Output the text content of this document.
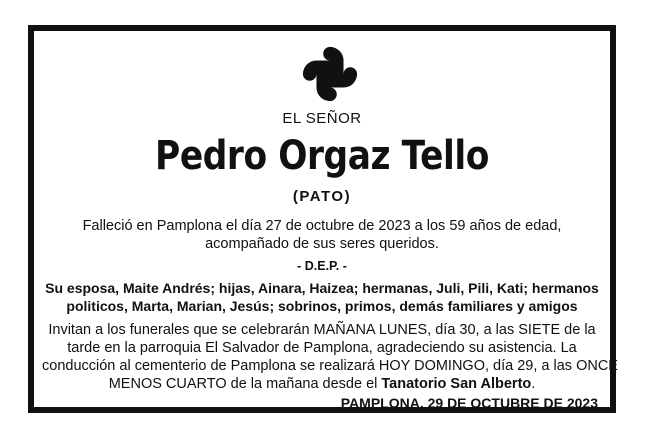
EL SEÑOR
Pedro Orgaz Tello
(PATO)
Falleció en Pamplona el día 27 de octubre de 2023 a los 59 años de edad,
acompañado de sus seres queridos.
- D.E.P. -
Su esposa, Maite Andrés; hijas, Ainara, Haizea; hermanas, Juli, Pili, Kati; hermanos
politicos, Marta, Marian, Jesús; sobrinos, primos, demás familiares y amigos
Invitan a los funerales que se celebrarán MAÑANA LUNES, día 30, a las SIETE de la
tarde en la parroquia El Salvador de Pamplona, agradeciendo su asistencia. La
conducción al cementerio de Pamplona se realizará HOY DOMINGO, día 29, a las ONCE
MENOS CUARTO de la mañana desde el Tanatorio San Alberto.
PAMPLONA, 29 DE OCTUBRE DE 2023
